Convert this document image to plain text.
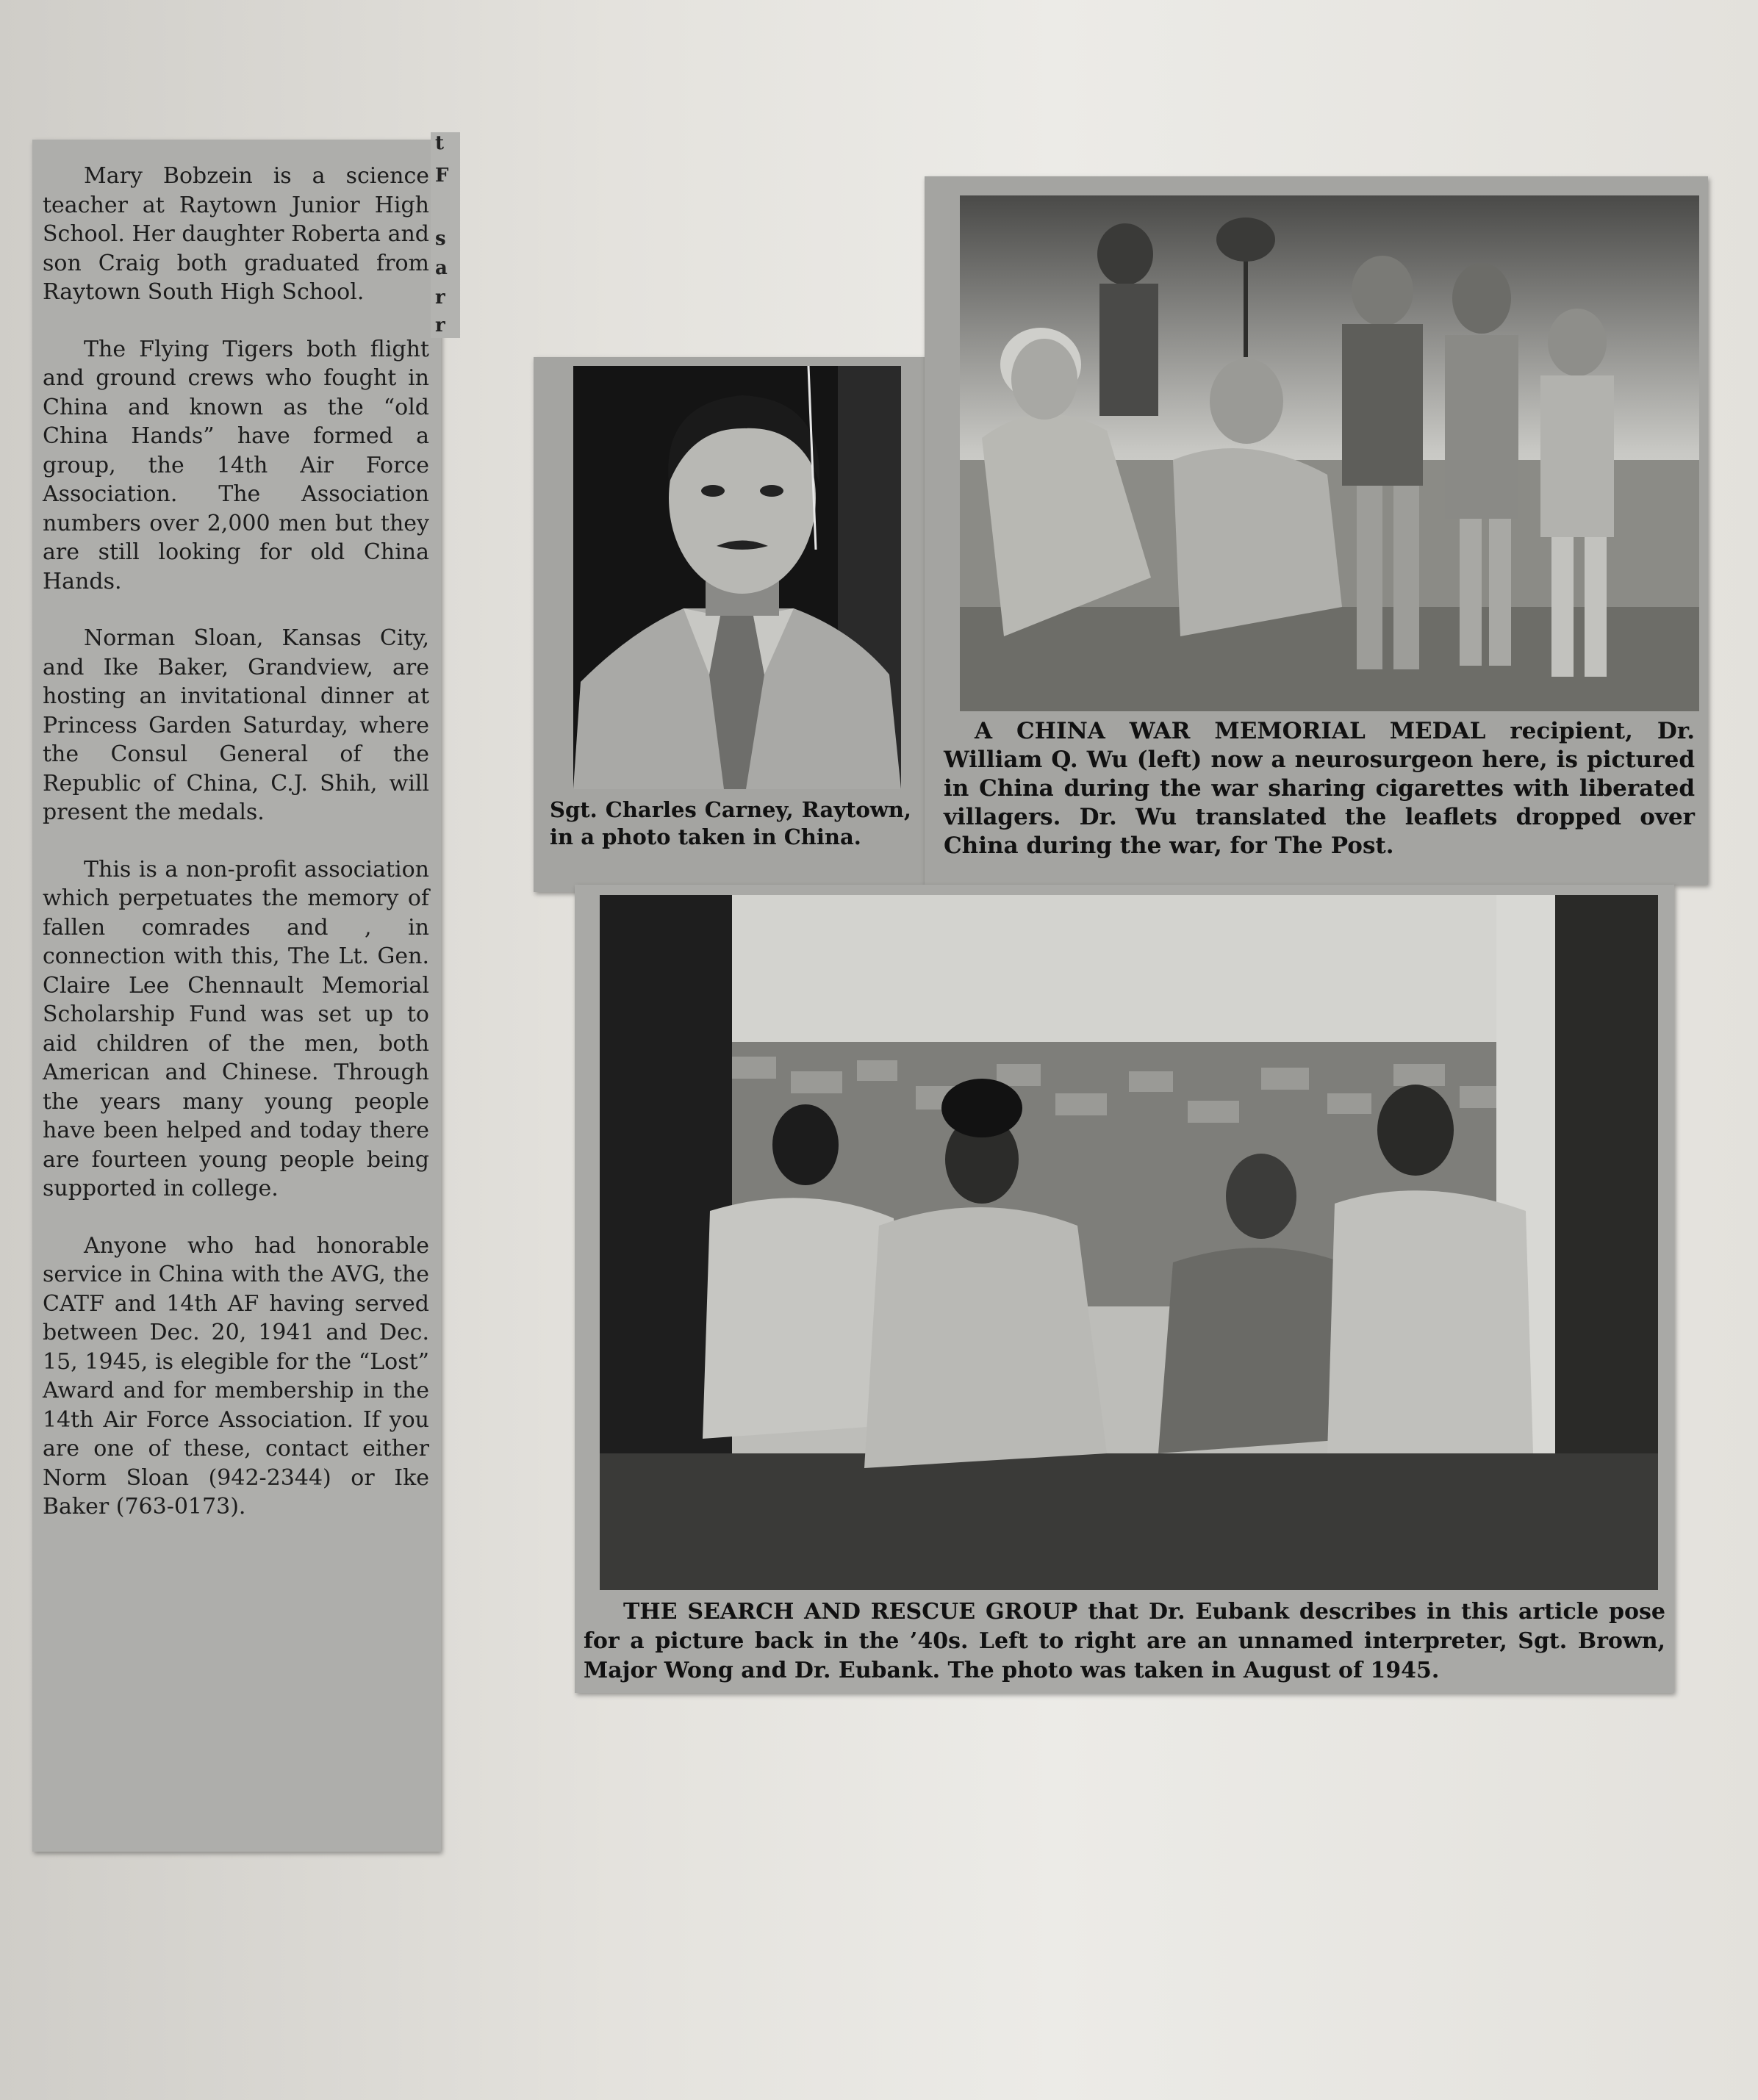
Mary Bobzein is a science teacher at Raytown Junior High School. Her daughter Roberta and son Craig both graduated from Raytown South High School.

The Flying Tigers both flight and ground crews who fought in China and known as the “old China Hands” have formed a group, the 14th Air Force Association. The Association numbers over 2,000 men but they are still looking for old China Hands.

Norman Sloan, Kansas City, and Ike Baker, Grandview, are hosting an invitational dinner at Princess Garden Saturday, where the Consul General of the Republic of China, C.J. Shih, will present the medals.

This is a non-profit association which perpetuates the memory of fallen comrades and , in connection with this, The Lt. Gen. Claire Lee Chennault Memorial Scholarship Fund was set up to aid children of the men, both American and Chinese. Through the years many young people have been helped and today there are fourteen young people being supported in college.

Anyone who had honorable service in China with the AVG, the CATF and 14th AF having served between Dec. 20, 1941 and Dec. 15, 1945, is elegible for the “Lost” Award and for membership in the 14th Air Force Association. If you are one of these, contact either Norm Sloan (942-2344) or Ike Baker (763-0173).

t
F
s
a
r
r
Sgt. Charles Carney, Raytown, in a photo taken in China.
A CHINA WAR MEMORIAL MEDAL recipient, Dr. William Q. Wu (left) now a neurosurgeon here, is pictured in China during the war sharing cigarettes with liberated villagers. Dr. Wu translated the leaflets dropped over China during the war, for The Post.
THE SEARCH AND RESCUE GROUP that Dr. Eubank describes in this article pose for a picture back in the ’40s. Left to right are an unnamed interpreter, Sgt. Brown, Major Wong and Dr. Eubank. The photo was taken in August of 1945.
